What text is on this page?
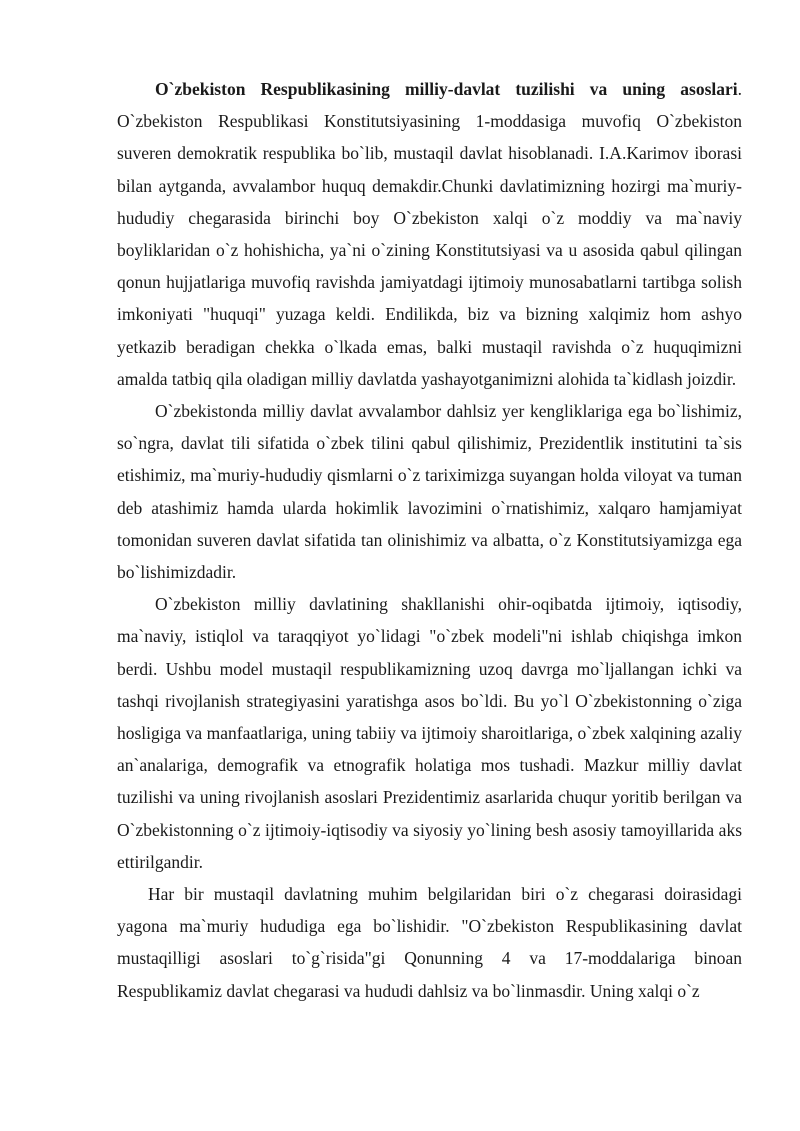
O`zbekiston Respublikasining milliy-davlat tuzilishi va uning asoslari. O`zbekiston Respublikasi Konstitutsiyasining 1-moddasiga muvofiq O`zbekiston suveren demokratik respublika bo`lib, mustaqil davlat hisoblanadi. I.A.Karimov iborasi bilan aytganda, avvalambor huquq demakdir.Chunki davlatimizning hozirgi ma`muriy-hududiy chegarasida birinchi boy O`zbekiston xalqi o`z moddiy va ma`naviy boyliklaridan o`z hohishicha, ya`ni o`zining Konstitutsiyasi va u asosida qabul qilingan qonun hujjatlariga muvofiq ravishda jamiyatdagi ijtimoiy munosabatlarni tartibga solish imkoniyati "huquqi" yuzaga keldi. Endilikda, biz va bizning xalqimiz hom ashyo yetkazib beradigan chekka o`lkada emas, balki mustaqil ravishda o`z huquqimizni amalda tatbiq qila oladigan milliy davlatda yashayotganimizni alohida ta`kidlash joizdir.

O`zbekistonda milliy davlat avvalambor dahlsiz yer kengliklariga ega bo`lishimiz, so`ngra, davlat tili sifatida o`zbek tilini qabul qilishimiz, Prezidentlik institutini ta`sis etishimiz, ma`muriy-hududiy qismlarni o`z tariximizga suyangan holda viloyat va tuman deb atashimiz hamda ularda hokimlik lavozimini o`rnatishimiz, xalqaro hamjamiyat tomonidan suveren davlat sifatida tan olinishimiz va albatta, o`z Konstitutsiyamizga ega bo`lishimizdadir.

O`zbekiston milliy davlatining shakllanishi ohir-oqibatda ijtimoiy, iqtisodiy, ma`naviy, istiqlol va taraqqiyot yo`lidagi "o`zbek modeli"ni ishlab chiqishga imkon berdi. Ushbu model mustaqil respublikamizning uzoq davrga mo`ljallangan ichki va tashqi rivojlanish strategiyasini yaratishga asos bo`ldi. Bu yo`l O`zbekistonning o`ziga hosligiga va manfaatlariga, uning tabiiy va ijtimoiy sharoitlariga, o`zbek xalqining azaliy an`analariga, demografik va etnografik holatiga mos tushadi. Mazkur milliy davlat tuzilishi va uning rivojlanish asoslari Prezidentimiz asarlarida chuqur yoritib berilgan va O`zbekistonning o`z ijtimoiy-iqtisodiy va siyosiy yo`lining besh asosiy tamoyillarida aks ettirilgandir.

Har bir mustaqil davlatning muhim belgilaridan biri o`z chegarasi doirasidagi yagona ma`muriy hududiga ega bo`lishidir. "O`zbekiston Respublikasining davlat mustaqilligi asoslari to`g`risida"gi Qonunning 4 va 17-moddalariga binoan Respublikamiz davlat chegarasi va hududi dahlsiz va bo`linmasdir. Uning xalqi o`z
